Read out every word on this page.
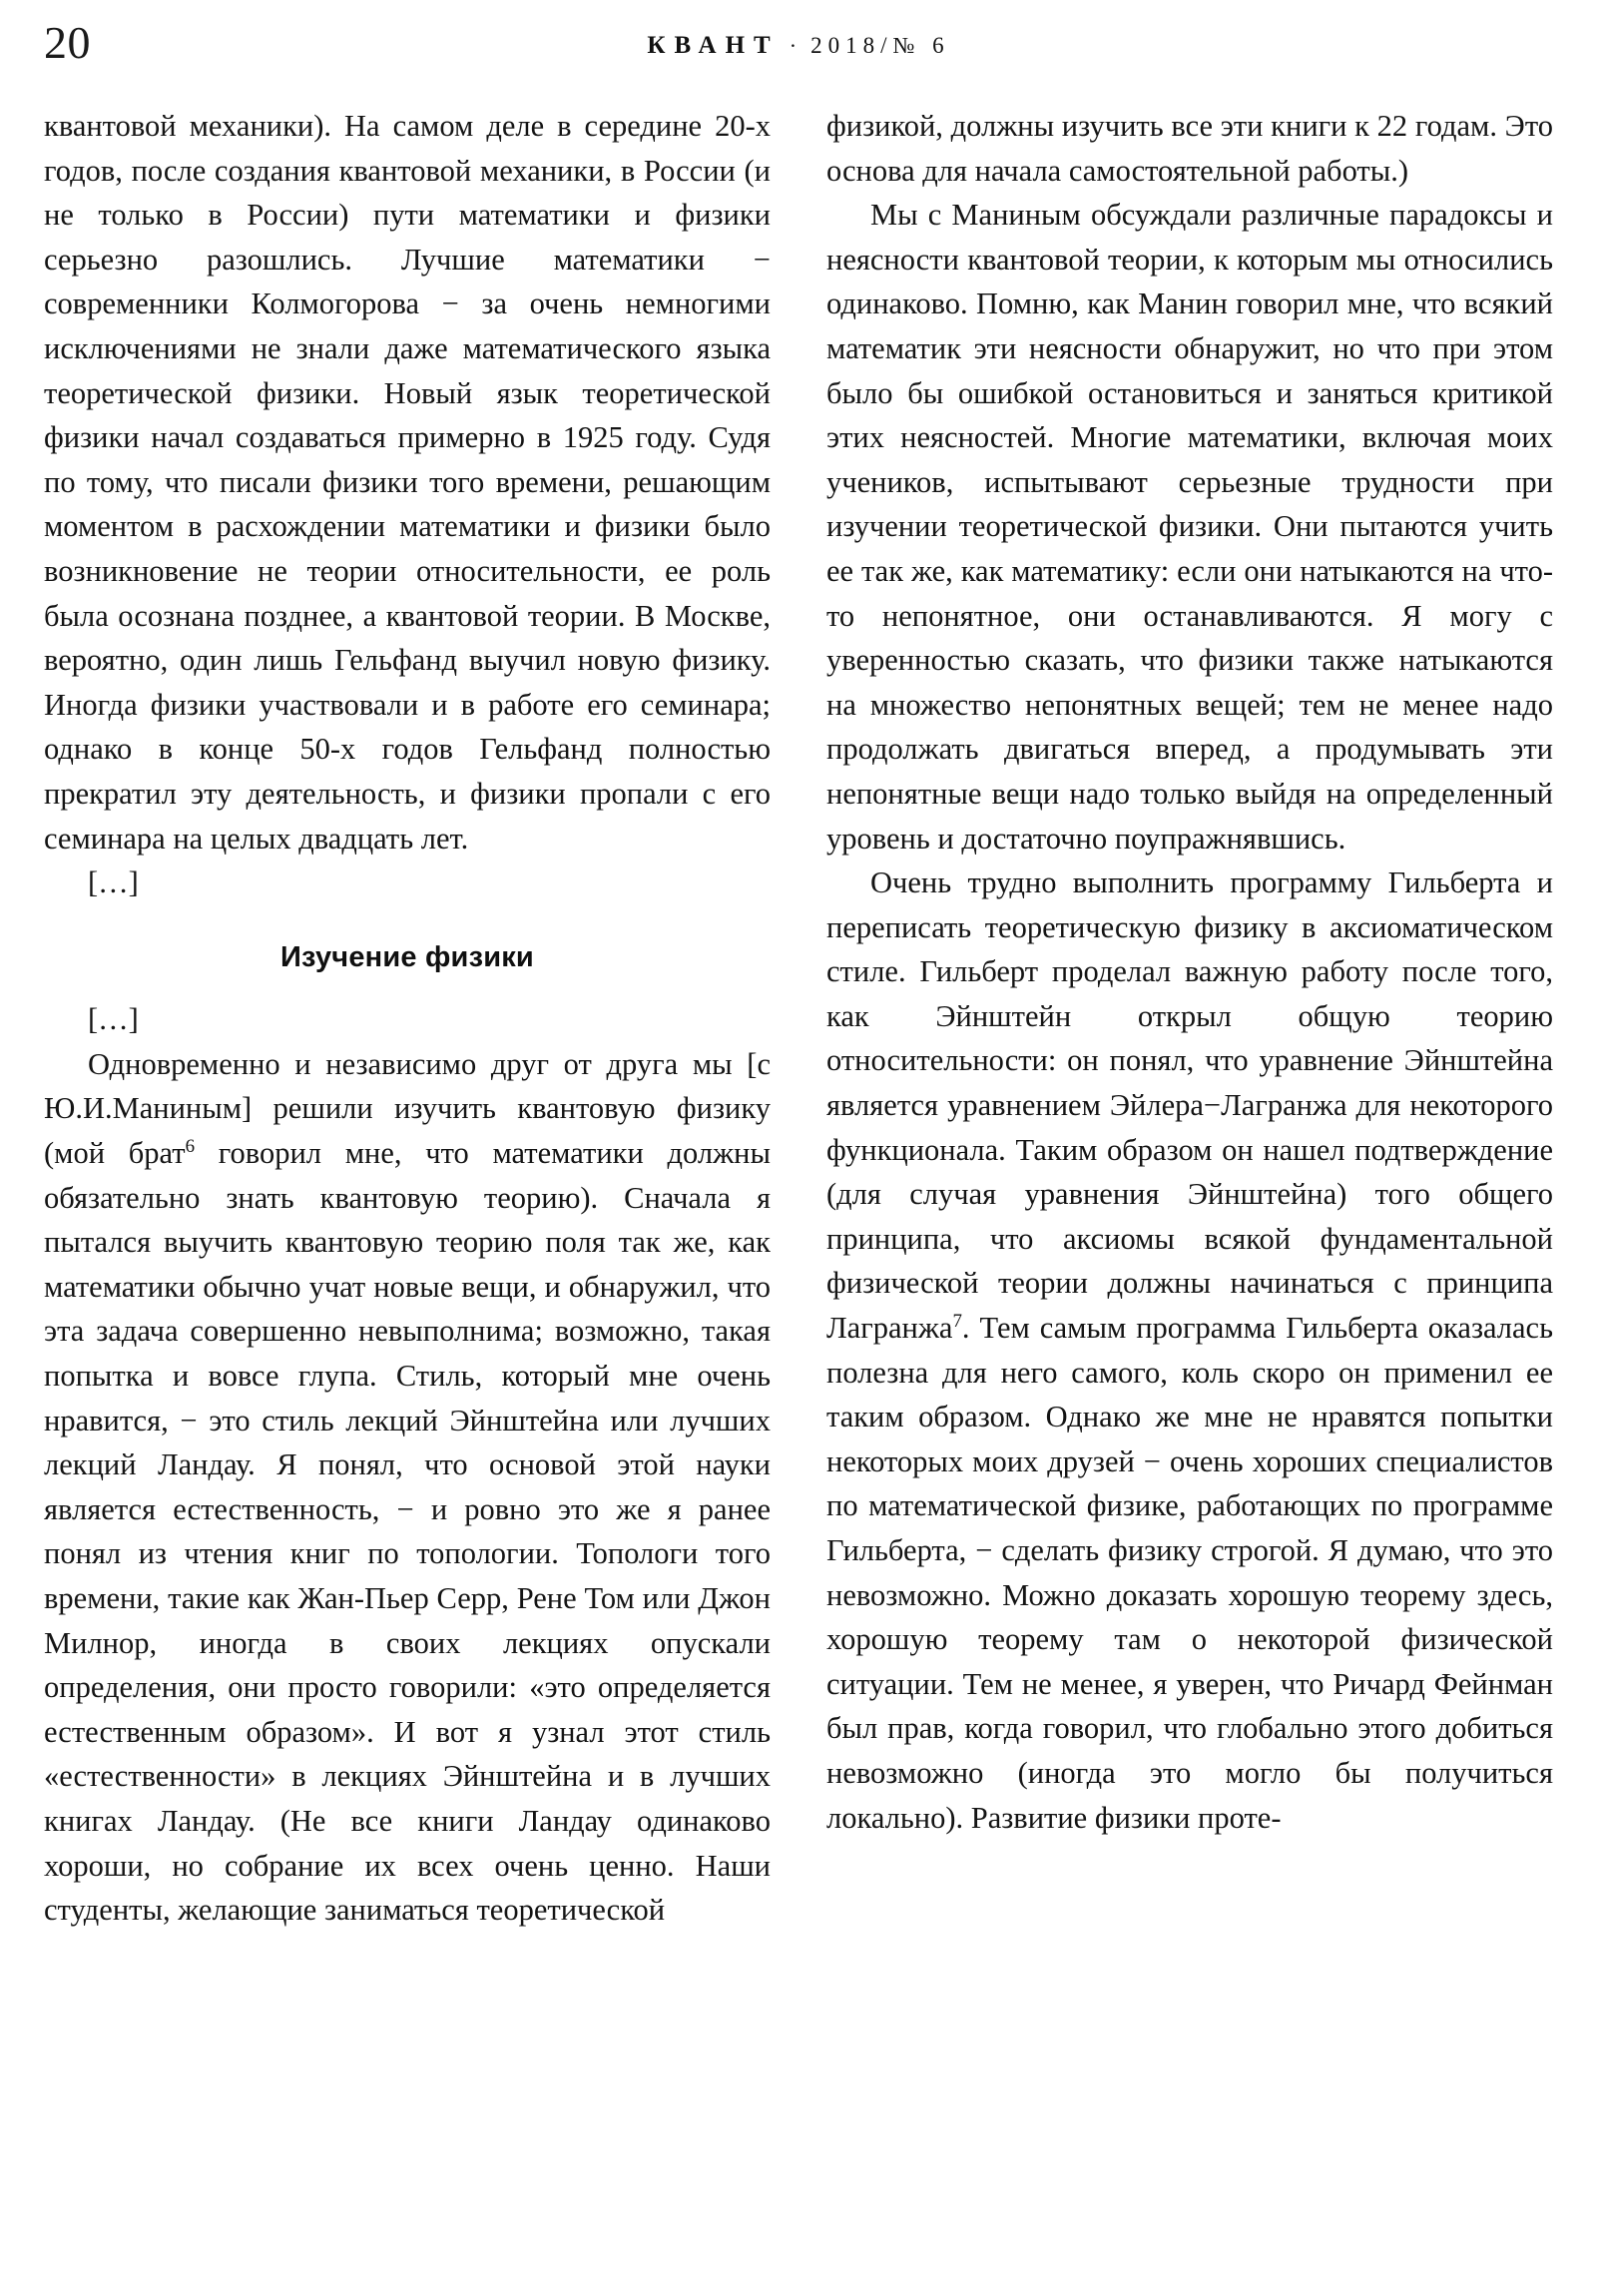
20	КВАНТ · 2018/№ 6

квантовой механики). На самом деле в середине 20-х годов, после создания квантовой механики, в России (и не только в России) пути математики и физики серьезно разошлись. Лучшие математики − современники Колмогорова − за очень немногими исключениями не знали даже математического языка теоретической физики. Новый язык теоретической физики начал создаваться примерно в 1925 году. Судя по тому, что писали физики того времени, решающим моментом в расхождении математики и физики было возникновение не теории относительности, ее роль была осознана позднее, а квантовой теории. В Москве, вероятно, один лишь Гельфанд выучил новую физику. Иногда физики участвовали и в работе его семинара; однако в конце 50-х годов Гельфанд полностью прекратил эту деятельность, и физики пропали с его семинара на целых двадцать лет.

[…]

Изучение физики

[…]

Одновременно и независимо друг от друга мы [с Ю.И.Маниным] решили изучить квантовую физику (мой брат$^6$ говорил мне, что математики должны обязательно знать квантовую теорию). Сначала я пытался выучить квантовую теорию поля так же, как математики обычно учат новые вещи, и обнаружил, что эта задача совершенно невыполнима; возможно, такая попытка и вовсе глупа. Стиль, который мне очень нравится, − это стиль лекций Эйнштейна или лучших лекций Ландау. Я понял, что основой этой науки является естественность, − и ровно это же я ранее понял из чтения книг по топологии. Топологи того времени, такие как Жан-Пьер Серр, Рене Том или Джон Милнор, иногда в своих лекциях опускали определения, они просто говорили: «это определяется естественным образом». И вот я узнал этот стиль «естественности» в лекциях Эйнштейна и в лучших книгах Ландау. (Не все книги Ландау одинаково хороши, но собрание их всех очень ценно. Наши студенты, желающие заниматься теоретической

физикой, должны изучить все эти книги к 22 годам. Это основа для начала самостоятельной работы.)

Мы с Маниным обсуждали различные парадоксы и неясности квантовой теории, к которым мы относились одинаково. Помню, как Манин говорил мне, что всякий математик эти неясности обнаружит, но что при этом было бы ошибкой остановиться и заняться критикой этих неясностей. Многие математики, включая моих учеников, испытывают серьезные трудности при изучении теоретической физики. Они пытаются учить ее так же, как математику: если они натыкаются на что-то непонятное, они останавливаются. Я могу с уверенностью сказать, что физики также натыкаются на множество непонятных вещей; тем не менее надо продолжать двигаться вперед, а продумывать эти непонятные вещи надо только выйдя на определенный уровень и достаточно поупражнявшись.

Очень трудно выполнить программу Гильберта и переписать теоретическую физику в аксиоматическом стиле. Гильберт проделал важную работу после того, как Эйнштейн открыл общую теорию относительности: он понял, что уравнение Эйнштейна является уравнением Эйлера−Лагранжа для некоторого функционала. Таким образом он нашел подтверждение (для случая уравнения Эйнштейна) того общего принципа, что аксиомы всякой фундаментальной физической теории должны начинаться с принципа Лагранжа$^7$. Тем самым программа Гильберта оказалась полезна для него самого, коль скоро он применил ее таким образом. Однако же мне не нравятся попытки некоторых моих друзей − очень хороших специалистов по математической физике, работающих по программе Гильберта, − сделать физику строгой. Я думаю, что это невозможно. Можно доказать хорошую теорему здесь, хорошую теорему там о некоторой физической ситуации. Тем не менее, я уверен, что Ричард Фейнман был прав, когда говорил, что глобально этого добиться невозможно (иногда это могло бы получиться локально). Развитие физики проте-
